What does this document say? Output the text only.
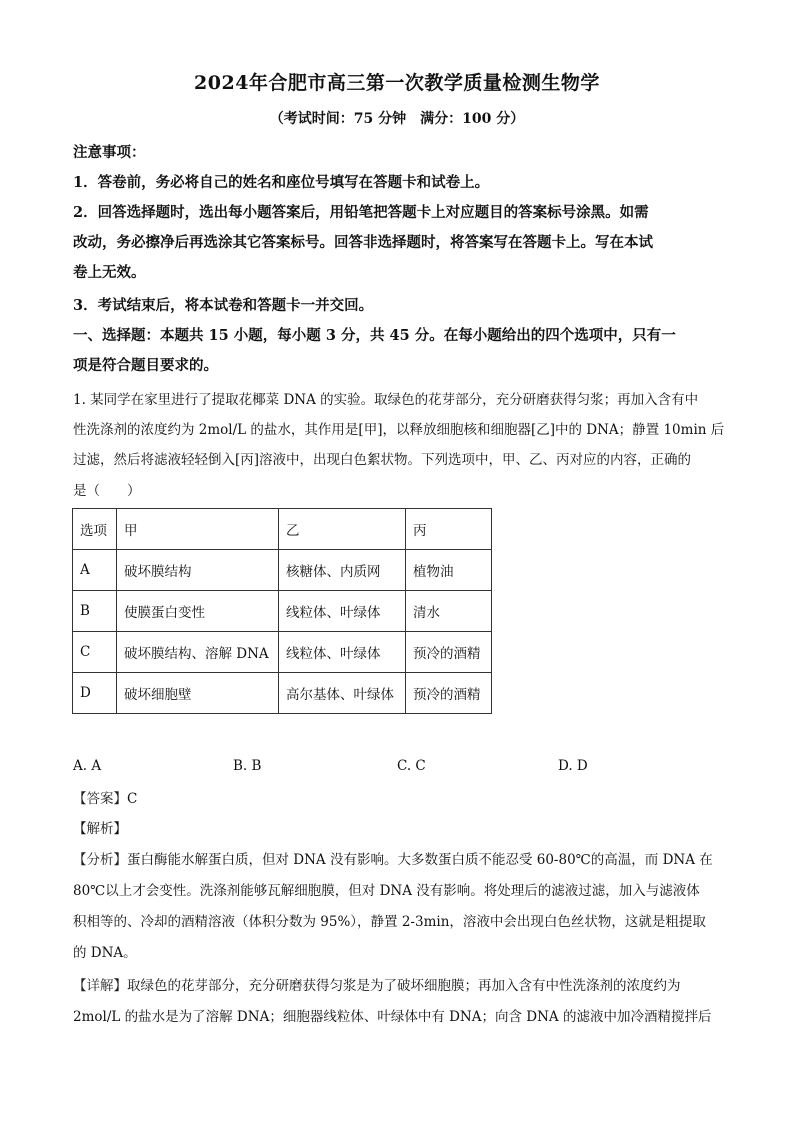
2024年合肥市高三第一次教学质量检测生物学
（考试时间：75 分钟　满分：100 分）
注意事项：
1．答卷前，务必将自己的姓名和座位号填写在答题卡和试卷上。
2．回答选择题时，选出每小题答案后，用铅笔把答题卡上对应题目的答案标号涂黑。如需
改动，务必擦净后再选涂其它答案标号。回答非选择题时，将答案写在答题卡上。写在本试
卷上无效。
3．考试结束后，将本试卷和答题卡一并交回。
一、选择题：本题共 15 小题，每小题 3 分，共 45 分。在每小题给出的四个选项中，只有一
项是符合题目要求的。
1. 某同学在家里进行了提取花椰菜 DNA 的实验。取绿色的花芽部分，充分研磨获得匀浆；再加入含有中
性洗涤剂的浓度约为 2mol/L 的盐水，其作用是[甲]，以释放细胞核和细胞器[乙]中的 DNA；静置 10min 后
过滤，然后将滤液轻轻倒入[丙]溶液中，出现白色絮状物。下列选项中，甲、乙、丙对应的内容，正确的
是（　　）
选项	甲	乙	丙
A	破坏膜结构	核糖体、内质网	植物油
B	使膜蛋白变性	线粒体、叶绿体	清水
C	破坏膜结构、溶解 DNA	线粒体、叶绿体	预冷的酒精
D	破坏细胞壁	高尔基体、叶绿体	预冷的酒精
A. A	B. B	C. C	D. D
【答案】C
【解析】
【分析】蛋白酶能水解蛋白质，但对 DNA 没有影响。大多数蛋白质不能忍受 60-80℃的高温，而 DNA 在
80℃以上才会变性。洗涤剂能够瓦解细胞膜，但对 DNA 没有影响。将处理后的滤液过滤，加入与滤液体
积相等的、冷却的酒精溶液（体积分数为 95%），静置 2-3min，溶液中会出现白色丝状物，这就是粗提取
的 DNA。
【详解】取绿色的花芽部分，充分研磨获得匀浆是为了破坏细胞膜；再加入含有中性洗涤剂的浓度约为
2mol/L 的盐水是为了溶解 DNA；细胞器线粒体、叶绿体中有 DNA；向含 DNA 的滤液中加冷酒精搅拌后
